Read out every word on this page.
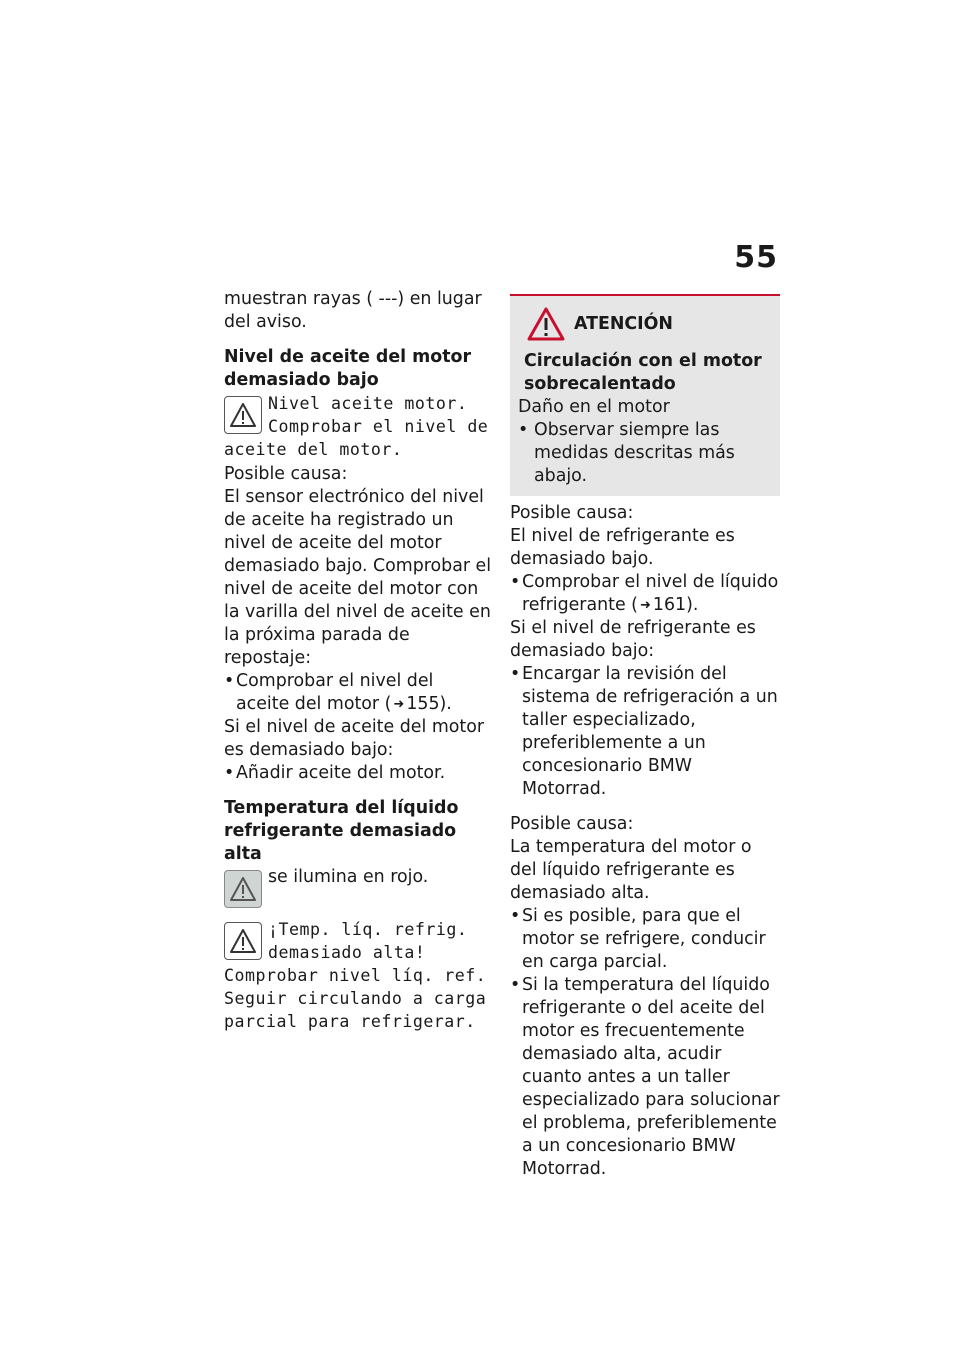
55

muestran rayas ( ---) en lugar

del aviso.

Nivel de aceite del motor demasiado bajo

Nivel aceite motor. Comprobar el nivel de aceite del motor.

Posible causa:

El sensor electrónico del nivel de aceite ha registrado un nivel de aceite del motor demasiado bajo. Comprobar el nivel de aceite del motor con la varilla del nivel de aceite en la próxima parada de repostaje:

• Comprobar el nivel del aceite del motor ( ➜ 155).

Si el nivel de aceite del motor es demasiado bajo:

• Añadir aceite del motor.
Temperatura del líquido refrigerante demasiado alta

se ilumina en rojo.

¡Temp. líq. refrig. demasiado alta! Comprobar nivel líq. ref. Seguir circulando a carga parcial para refrigerar.

ATENCIÓN

Circulación con el motor sobrecalentado

Daño en el motor

• Observar siempre las medidas descritas más abajo.

Posible causa:

El nivel de refrigerante es demasiado bajo.

• Comprobar el nivel de líquido refrigerante ( ➜ 161).

Si el nivel de refrigerante es demasiado bajo:

• Encargar la revisión del sistema de refrigeración a un taller especializado, preferiblemente a un concesionario BMW Motorrad.

Posible causa:

La temperatura del motor o del líquido refrigerante es demasiado alta.

• Si es posible, para que el motor se refrigere, conducir en carga parcial.
• Si la temperatura del líquido refrigerante o del aceite del motor es frecuentemente demasiado alta, acudir cuanto antes a un taller especializado para solucionar el problema, preferiblemente a un concesionario BMW Motorrad.
